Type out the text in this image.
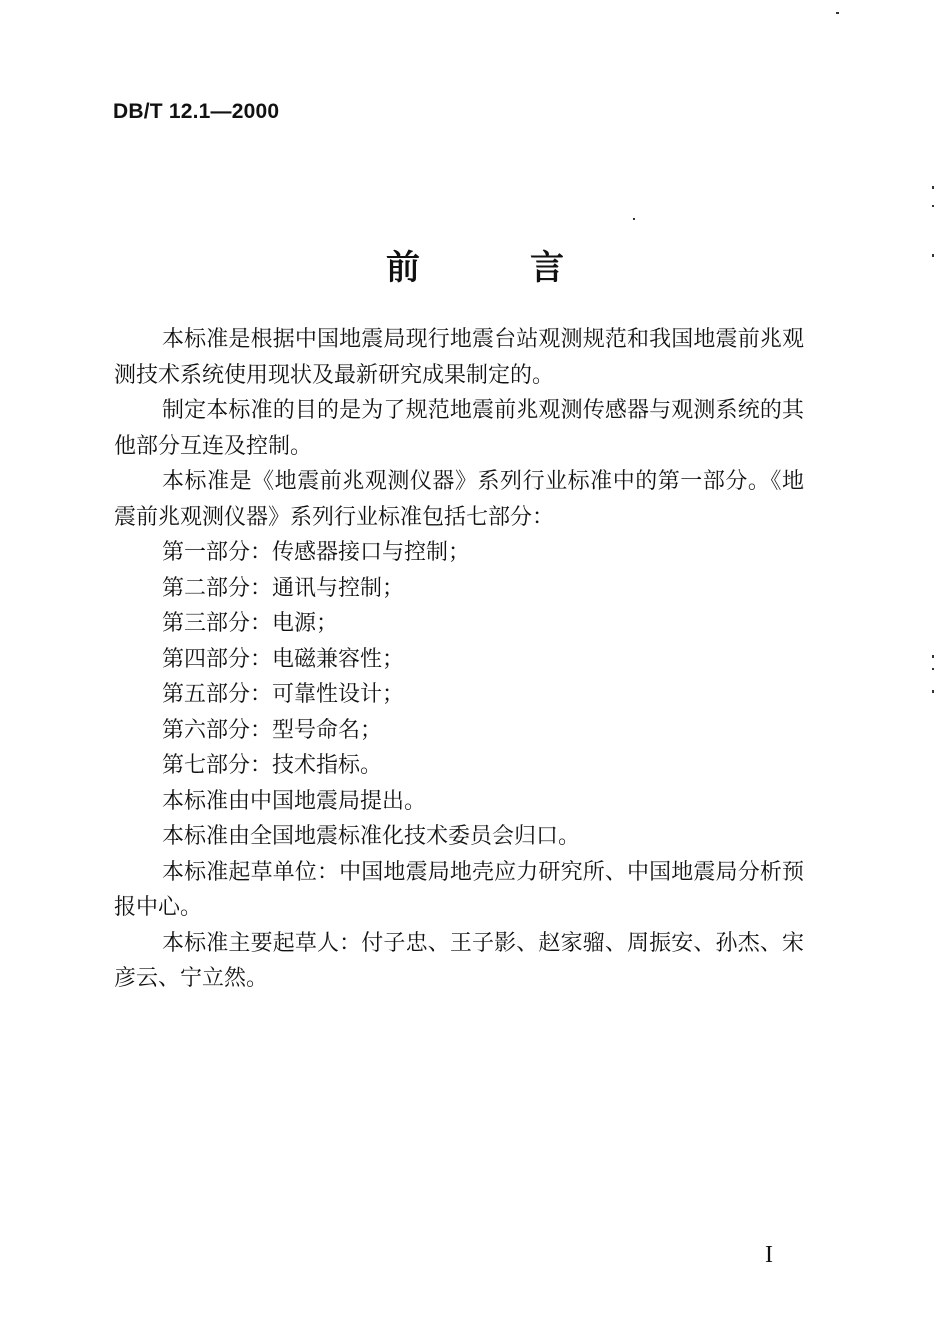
DB/T 12.1—2000
前	言

本标准是根据中国地震局现行地震台站观测规范和我国地震前兆观测技术系统使用现状及最新研究成果制定的。

制定本标准的目的是为了规范地震前兆观测传感器与观测系统的其他部分互连及控制。

本标准是《地震前兆观测仪器》系列行业标准中的第一部分。《地震前兆观测仪器》系列行业标准包括七部分：

第一部分：传感器接口与控制；

第二部分：通讯与控制；

第三部分：电源；

第四部分：电磁兼容性；

第五部分：可靠性设计；

第六部分：型号命名；

第七部分：技术指标。

本标准由中国地震局提出。

本标准由全国地震标准化技术委员会归口。

本标准起草单位：中国地震局地壳应力研究所、中国地震局分析预报中心。

本标准主要起草人：付子忠、王子影、赵家骝、周振安、孙杰、宋彦云、宁立然。

I
